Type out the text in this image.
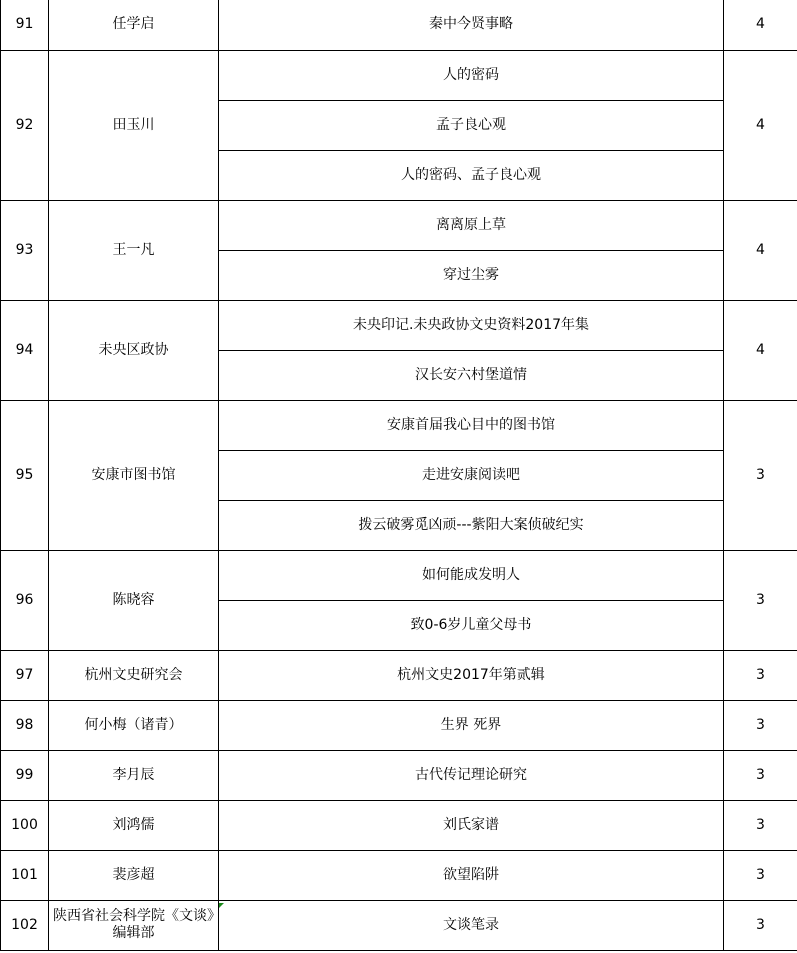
91	任学启	秦中今贤事略	4
92	田玉川	人的密码	4
		孟子良心观	
		人的密码、孟子良心观	
93	王一凡	离离原上草	4
		穿过尘雾	
94	未央区政协	未央印记.未央政协文史资料2017年集	4
		汉长安六村堡道情	
95	安康市图书馆	安康首届我心目中的图书馆	3
		走进安康阅读吧	
		拨云破雾觅凶顽---紫阳大案侦破纪实	
96	陈晓容	如何能成发明人	3
		致0-6岁儿童父母书	
97	杭州文史研究会	杭州文史2017年第贰辑	3
98	何小梅（诸青）	生界 死界	3
99	李月辰	古代传记理论研究	3
100	刘鸿儒	刘氏家谱	3
101	裴彦超	欲望陷阱	3
102	陕西省社会科学院《文谈》编辑部	文谈笔录	3
